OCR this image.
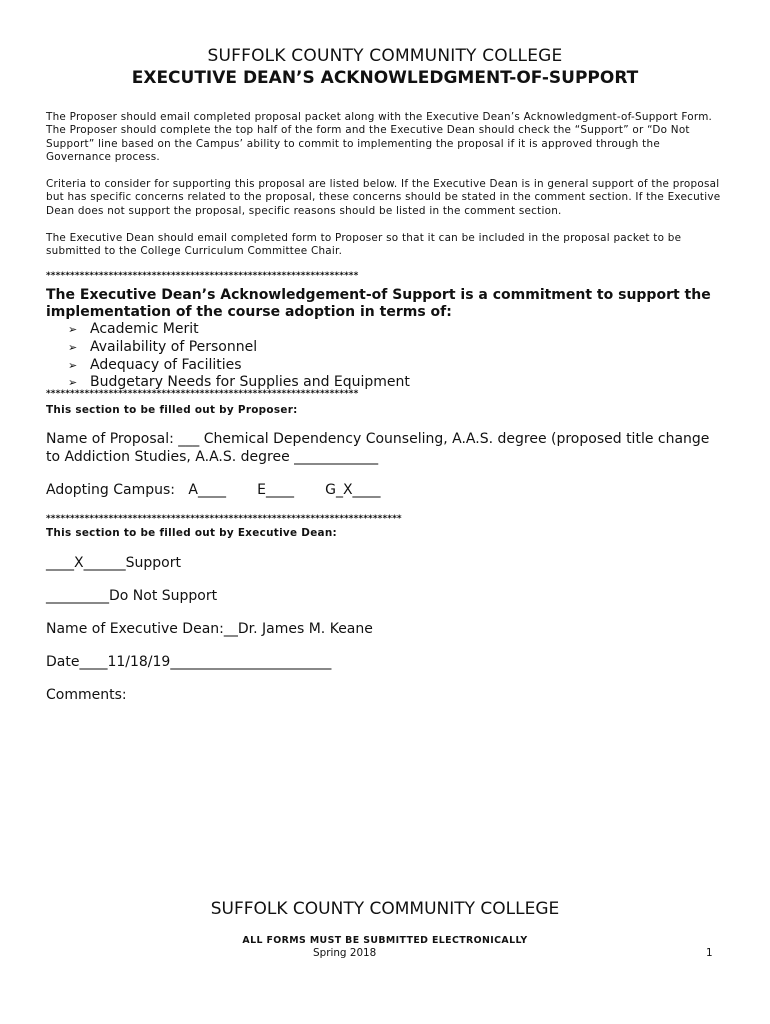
SUFFOLK COUNTY COMMUNITY COLLEGE
EXECUTIVE DEAN’S ACKNOWLEDGMENT-OF-SUPPORT
The Proposer should email completed proposal packet along with the Executive Dean’s Acknowledgment-of-Support Form. The Proposer should complete the top half of the form and the Executive Dean should check the “Support” or “Do Not Support” line based on the Campus’ ability to commit to implementing the proposal if it is approved through the Governance process.
Criteria to consider for supporting this proposal are listed below. If the Executive Dean is in general support of the proposal but has specific concerns related to the proposal, these concerns should be stated in the comment section. If the Executive Dean does not support the proposal, specific reasons should be listed in the comment section.
The Executive Dean should email completed form to Proposer so that it can be included in the proposal packet to be submitted to the College Curriculum Committee Chair.
*****************************************************************
The Executive Dean’s Acknowledgement-of Support is a commitment to support the implementation of the course adoption in terms of:
➢ Academic Merit
➢ Availability of Personnel
➢ Adequacy of Facilities
➢ Budgetary Needs for Supplies and Equipment
*****************************************************************
This section to be filled out by Proposer:
Name of Proposal: ___ Chemical Dependency Counseling, A.A.S. degree (proposed title change to Addiction Studies, A.A.S. degree ____________
Adopting Campus:   A____       E____       G_X____
**************************************************************************
This section to be filled out by Executive Dean:
____X______Support
_________Do Not Support
Name of Executive Dean:__Dr. James M. Keane
Date____11/18/19_______________________
Comments:
SUFFOLK COUNTY COMMUNITY COLLEGE
ALL FORMS MUST BE SUBMITTED ELECTRONICALLY
Spring 2018	1
